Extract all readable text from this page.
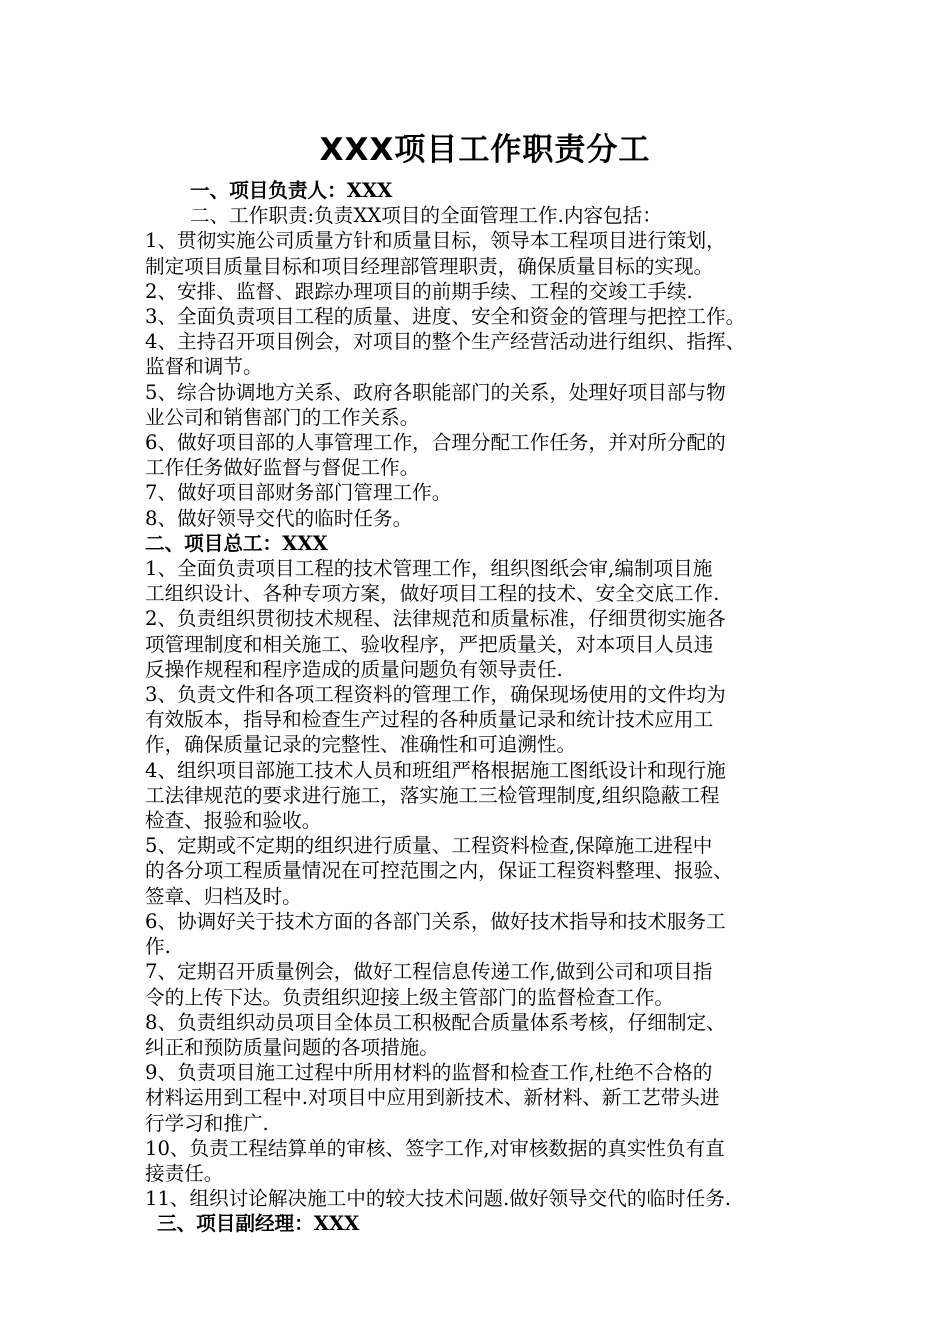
XXX项目工作职责分工

一、项目负责人：XXX

二、工作职责:负责XX项目的全面管理工作.内容包括：

1、贯彻实施公司质量方针和质量目标，领导本工程项目进行策划，

制定项目质量目标和项目经理部管理职责，确保质量目标的实现。

2、安排、监督、跟踪办理项目的前期手续、工程的交竣工手续.

3、全面负责项目工程的质量、进度、安全和资金的管理与把控工作。

4、主持召开项目例会，对项目的整个生产经营活动进行组织、指挥、

监督和调节。

5、综合协调地方关系、政府各职能部门的关系，处理好项目部与物

业公司和销售部门的工作关系。

6、做好项目部的人事管理工作，合理分配工作任务，并对所分配的

工作任务做好监督与督促工作。

7、做好项目部财务部门管理工作。

8、做好领导交代的临时任务。

二、项目总工：XXX

1、全面负责项目工程的技术管理工作，组织图纸会审,编制项目施

工组织设计、各种专项方案，做好项目工程的技术、安全交底工作.

2、负责组织贯彻技术规程、法律规范和质量标准，仔细贯彻实施各

项管理制度和相关施工、验收程序，严把质量关，对本项目人员违

反操作规程和程序造成的质量问题负有领导责任.

3、负责文件和各项工程资料的管理工作，确保现场使用的文件均为

有效版本，指导和检查生产过程的各种质量记录和统计技术应用工

作，确保质量记录的完整性、准确性和可追溯性。

4、组织项目部施工技术人员和班组严格根据施工图纸设计和现行施

工法律规范的要求进行施工，落实施工三检管理制度,组织隐蔽工程

检查、报验和验收。

5、定期或不定期的组织进行质量、工程资料检查,保障施工进程中

的各分项工程质量情况在可控范围之内，保证工程资料整理、报验、

签章、归档及时。

6、协调好关于技术方面的各部门关系，做好技术指导和技术服务工

作.

7、定期召开质量例会，做好工程信息传递工作,做到公司和项目指

令的上传下达。负责组织迎接上级主管部门的监督检查工作。

8、负责组织动员项目全体员工积极配合质量体系考核，仔细制定、

纠正和预防质量问题的各项措施。

9、负责项目施工过程中所用材料的监督和检查工作,杜绝不合格的

材料运用到工程中.对项目中应用到新技术、新材料、新工艺带头进

行学习和推广.

10、负责工程结算单的审核、签字工作,对审核数据的真实性负有直

接责任。

11、组织讨论解决施工中的较大技术问题.做好领导交代的临时任务.

三、项目副经理：XXX
